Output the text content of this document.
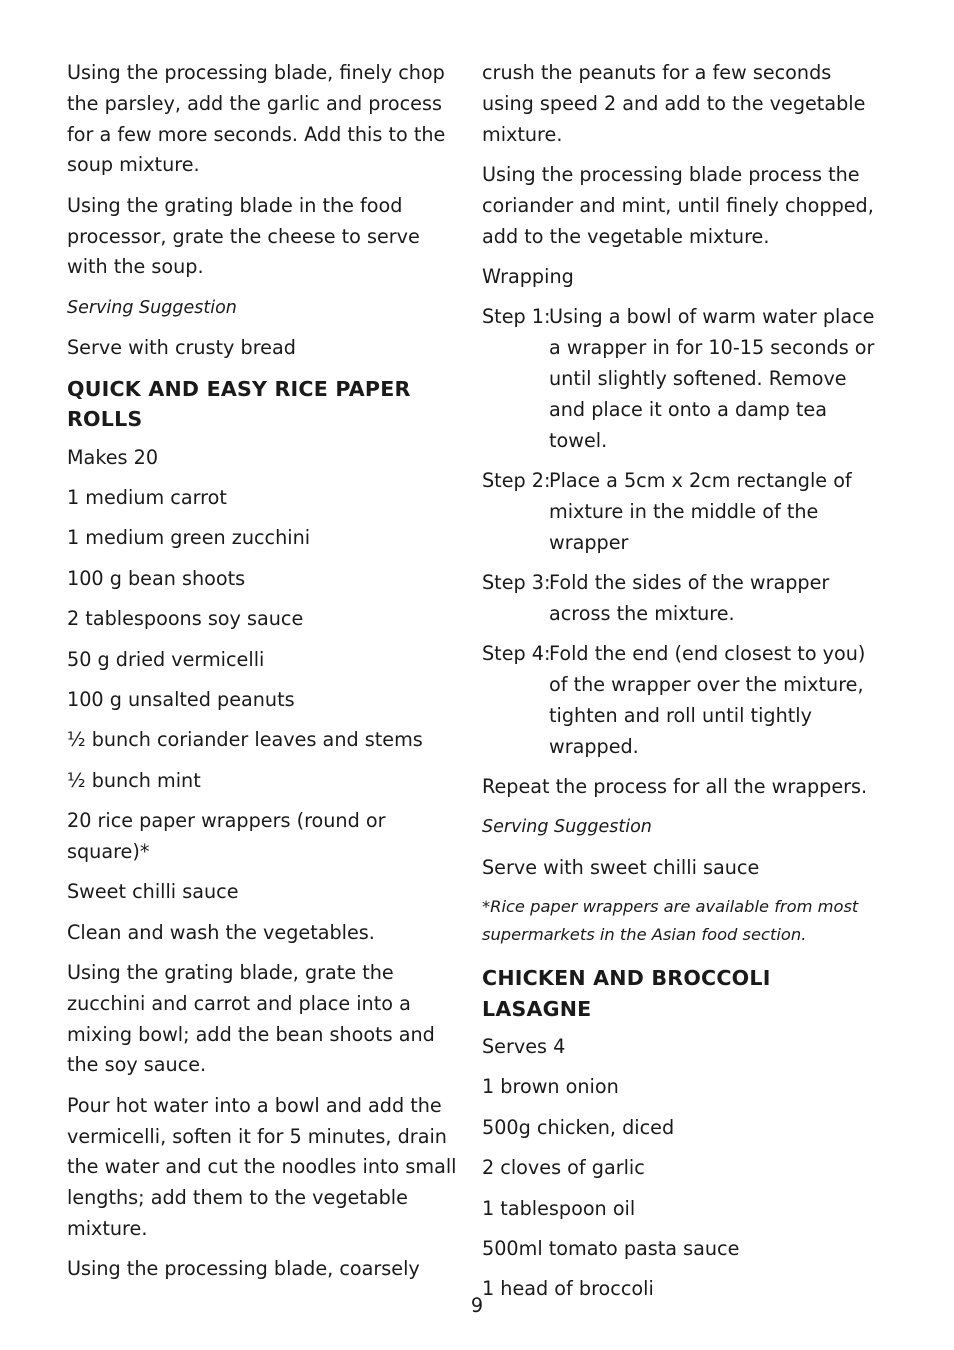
Using the processing blade, finely chop the parsley, add the garlic and process for a few more seconds. Add this to the soup mixture.

Using the grating blade in the food processor, grate the cheese to serve with the soup.

Serving Suggestion

Serve with crusty bread

QUICK AND EASY RICE PAPER ROLLS

Makes 20

1 medium carrot

1 medium green zucchini

100 g bean shoots

2 tablespoons soy sauce

50 g dried vermicelli

100 g unsalted peanuts

½ bunch coriander leaves and stems

½ bunch mint

20 rice paper wrappers (round or square)*

Sweet chilli sauce

Clean and wash the vegetables.

Using the grating blade, grate the zucchini and carrot and place into a mixing bowl; add the bean shoots and the soy sauce.

Pour hot water into a bowl and add the vermicelli, soften it for 5 minutes, drain the water and cut the noodles into small lengths; add them to the vegetable mixture.

Using the processing blade, coarsely

crush the peanuts for a few seconds using speed 2 and add to the vegetable mixture.

Using the processing blade process the coriander and mint, until finely chopped, add to the vegetable mixture.

Wrapping

Step 1:
Using a bowl of warm water place a wrapper in for 10-15 seconds or until slightly softened. Remove and place it onto a damp tea towel.
Step 2:
Place a 5cm x 2cm rectangle of mixture in the middle of the wrapper
Step 3:
Fold the sides of the wrapper across the mixture.
Step 4:
Fold the end (end closest to you) of the wrapper over the mixture, tighten and roll until tightly wrapped.

Repeat the process for all the wrappers.

Serving Suggestion

Serve with sweet chilli sauce

*Rice paper wrappers are available from most supermarkets in the Asian food section.

CHICKEN AND BROCCOLI LASAGNE

Serves 4

1 brown onion

500g chicken, diced

2 cloves of garlic

1 tablespoon oil

500ml tomato pasta sauce

1 head of broccoli

9
